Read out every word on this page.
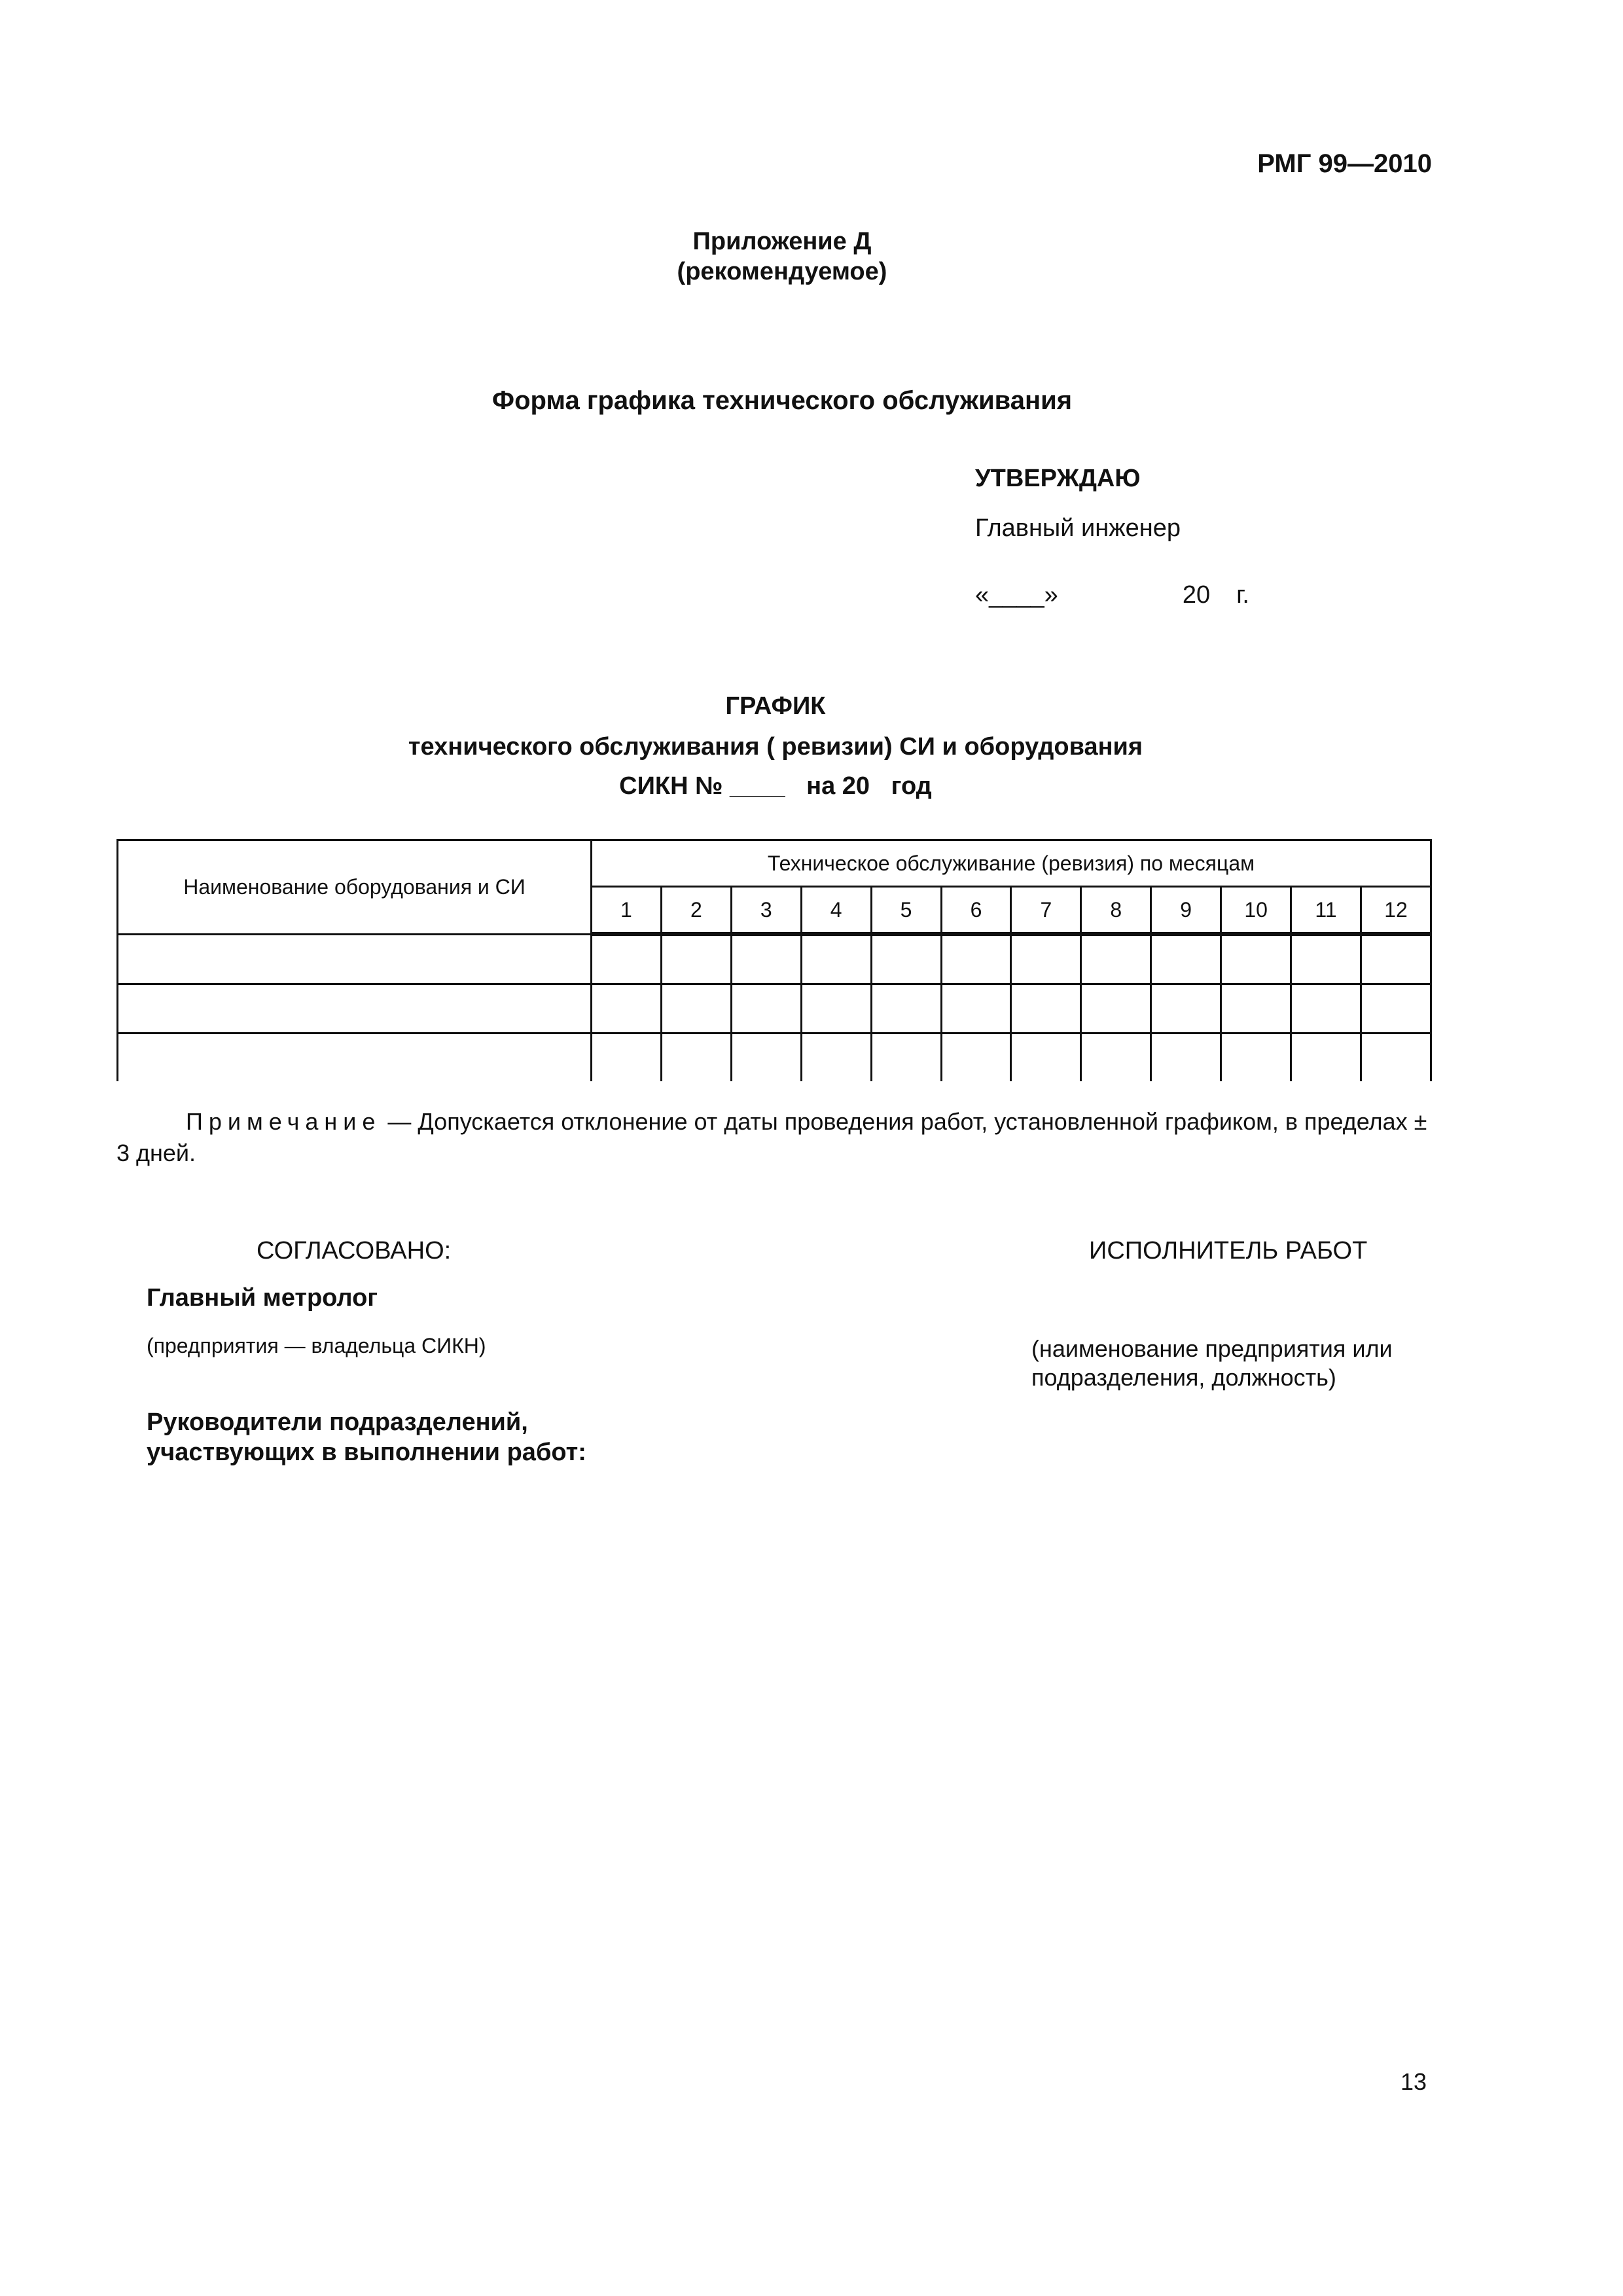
РМГ 99—2010
Приложение Д
(рекомендуемое)
Форма графика технического обслуживания
УТВЕРЖДАЮ
Главный инженер
«____»	20 г.
ГРАФИК
технического обслуживания ( ревизии) СИ и оборудования
СИКН № ____ на 20 год
Наименование оборудования и СИ	Техническое обслуживание (ревизия) по месяцам											
	1	2	3	4	5	6	7	8	9	10	11	12

Примечание — Допускается отклонение от даты проведения работ, установленной графиком, в пределах ± 3 дней.
СОГЛАСОВАНО:
Главный метролог
(предприятия — владельца СИКН)
Руководители подразделений,
участвующих в выполнении работ:
ИСПОЛНИТЕЛЬ РАБОТ
(наименование предприятия или
подразделения, должность)
13
